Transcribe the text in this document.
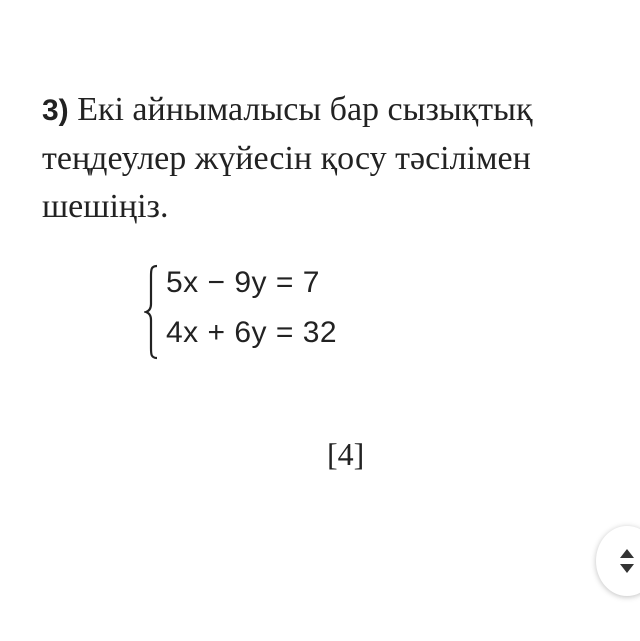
3) Екі айнымалысы бар сызықтық
теңдеулер жүйесін қосу тәсілімен
шешіңіз.
5x − 9y = 7
4x + 6y = 32
[4]
